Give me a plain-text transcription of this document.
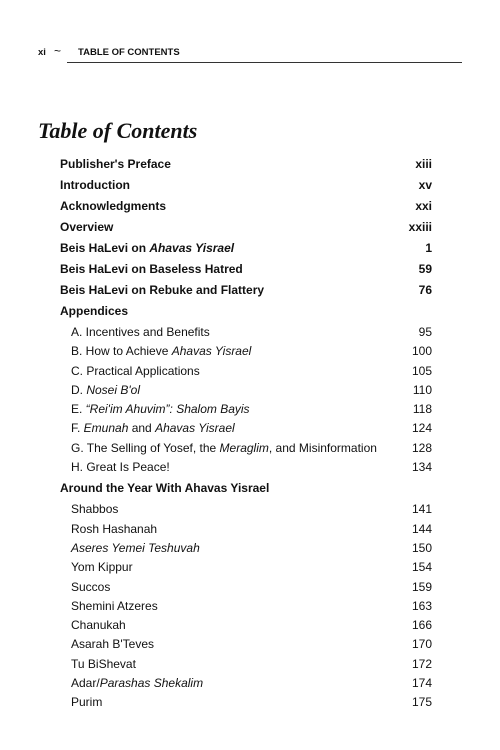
xi ~ TABLE OF CONTENTS
Table of Contents
Publisher's Preface	xiii
Introduction	xv
Acknowledgments	xxi
Overview	xxiii
Beis HaLevi on Ahavas Yisrael	1
Beis HaLevi on Baseless Hatred	59
Beis HaLevi on Rebuke and Flattery	76
Appendices
A. Incentives and Benefits	95
B. How to Achieve Ahavas Yisrael	100
C. Practical Applications	105
D. Nosei B'ol	110
E. “Rei'im Ahuvim”: Shalom Bayis	118
F. Emunah and Ahavas Yisrael	124
G. The Selling of Yosef, the Meraglim, and Misinformation	128
H. Great Is Peace!	134
Around the Year With Ahavas Yisrael
Shabbos	141
Rosh Hashanah	144
Aseres Yemei Teshuvah	150
Yom Kippur	154
Succos	159
Shemini Atzeres	163
Chanukah	166
Asarah B'Teves	170
Tu BiShevat	172
Adar/Parashas Shekalim	174
Purim	175
